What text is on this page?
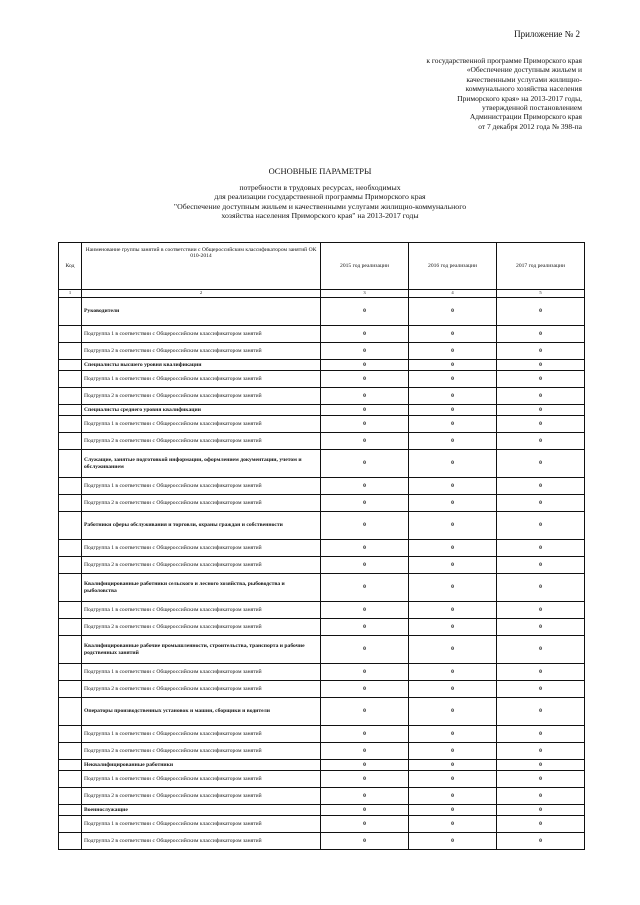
Приложение № 2
к государственной программе Приморского края
«Обеспечение доступным жильем и
качественными услугами жилищно-
коммунального хозяйства населения
Приморского края» на 2013-2017 годы,
утвержденной постановлением
Администрации Приморского края
от 7 декабря 2012 года № 398-па
ОСНОВНЫЕ ПАРАМЕТРЫ
потребности в трудовых ресурсах, необходимых
для реализации государственной программы Приморского края
"Обеспечение доступным жильем и качественными услугами жилищно-коммунального
хозяйства населения Приморского края" на 2013-2017 годы
Код	Наименование группы занятий в соответствии с Общероссийским классификатором занятий ОК 010-2014	2015 год реализации	2016 год реализации	2017 год реализации
1	2	3	4	5
	Руководители	0	0	0
	Подгруппа 1 в соответствии с Общероссийским классификатором занятий	0	0	0
	Подгруппа 2 в соответствии с Общероссийским классификатором занятий	0	0	0
	Специалисты высшего уровня квалификации	0	0	0
	Подгруппа 1 в соответствии с Общероссийским классификатором занятий	0	0	0
	Подгруппа 2 в соответствии с Общероссийским классификатором занятий	0	0	0
	Специалисты среднего уровня квалификации	0	0	0
	Подгруппа 1 в соответствии с Общероссийским классификатором занятий	0	0	0
	Подгруппа 2 в соответствии с Общероссийским классификатором занятий	0	0	0
	Служащие, занятые подготовкой информации, оформлением документации, учетом и обслуживанием	0	0	0
	Подгруппа 1 в соответствии с Общероссийским классификатором занятий	0	0	0
	Подгруппа 2 в соответствии с Общероссийским классификатором занятий	0	0	0
	Работники сферы обслуживания и торговли, охраны граждан и собственности	0	0	0
	Подгруппа 1 в соответствии с Общероссийским классификатором занятий	0	0	0
	Подгруппа 2 в соответствии с Общероссийским классификатором занятий	0	0	0
	Квалифицированные работники сельского и лесного хозяйства, рыбоводства и рыболовства	0	0	0
	Подгруппа 1 в соответствии с Общероссийским классификатором занятий	0	0	0
	Подгруппа 2 в соответствии с Общероссийским классификатором занятий	0	0	0
	Квалифицированные рабочие промышленности, строительства, транспорта и рабочие родственных занятий	0	0	0
	Подгруппа 1 в соответствии с Общероссийским классификатором занятий	0	0	0
	Подгруппа 2 в соответствии с Общероссийским классификатором занятий	0	0	0
	Операторы производственных установок и машин, сборщики и водители	0	0	0
	Подгруппа 1 в соответствии с Общероссийским классификатором занятий	0	0	0
	Подгруппа 2 в соответствии с Общероссийским классификатором занятий	0	0	0
	Неквалифицированные работники	0	0	0
	Подгруппа 1 в соответствии с Общероссийским классификатором занятий	0	0	0
	Подгруппа 2 в соответствии с Общероссийским классификатором занятий	0	0	0
	Военнослужащие	0	0	0
	Подгруппа 1 в соответствии с Общероссийским классификатором занятий	0	0	0
	Подгруппа 2 в соответствии с Общероссийским классификатором занятий	0	0	0
